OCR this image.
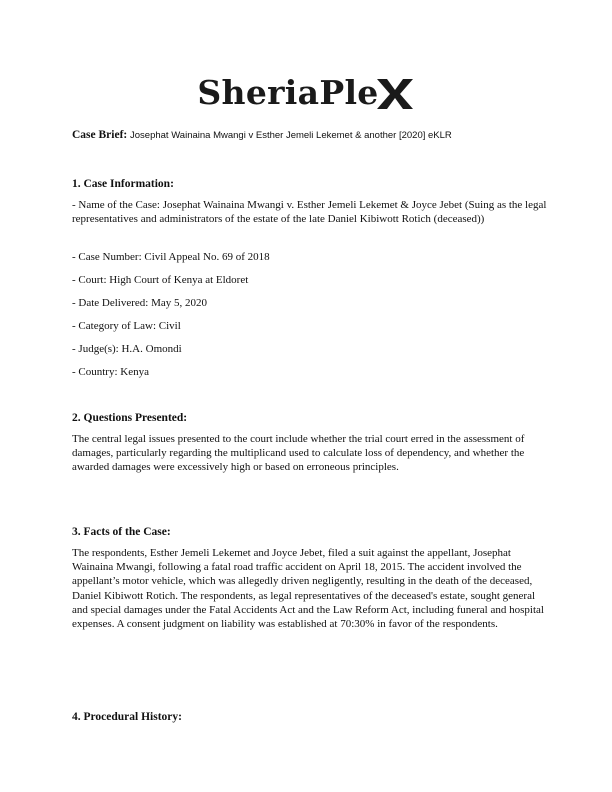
SheriaPle
Case Brief: Josephat Wainaina Mwangi v Esther Jemeli Lekemet & another [2020] eKLR
1. Case Information:
- Name of the Case: Josephat Wainaina Mwangi v. Esther Jemeli Lekemet & Joyce Jebet (Suing as the legal representatives and administrators of the estate of the late Daniel Kibiwott Rotich (deceased))
- Case Number: Civil Appeal No. 69 of 2018
- Court: High Court of Kenya at Eldoret
- Date Delivered: May 5, 2020
- Category of Law: Civil
- Judge(s): H.A. Omondi
- Country: Kenya
2. Questions Presented:
The central legal issues presented to the court include whether the trial court erred in the assessment of damages, particularly regarding the multiplicand used to calculate loss of dependency, and whether the awarded damages were excessively high or based on erroneous principles.
3. Facts of the Case:
The respondents, Esther Jemeli Lekemet and Joyce Jebet, filed a suit against the appellant, Josephat Wainaina Mwangi, following a fatal road traffic accident on April 18, 2015. The accident involved the appellant’s motor vehicle, which was allegedly driven negligently, resulting in the death of the deceased, Daniel Kibiwott Rotich. The respondents, as legal representatives of the deceased's estate, sought general and special damages under the Fatal Accidents Act and the Law Reform Act, including funeral and hospital expenses. A consent judgment on liability was established at 70:30% in favor of the respondents.
4. Procedural History:
